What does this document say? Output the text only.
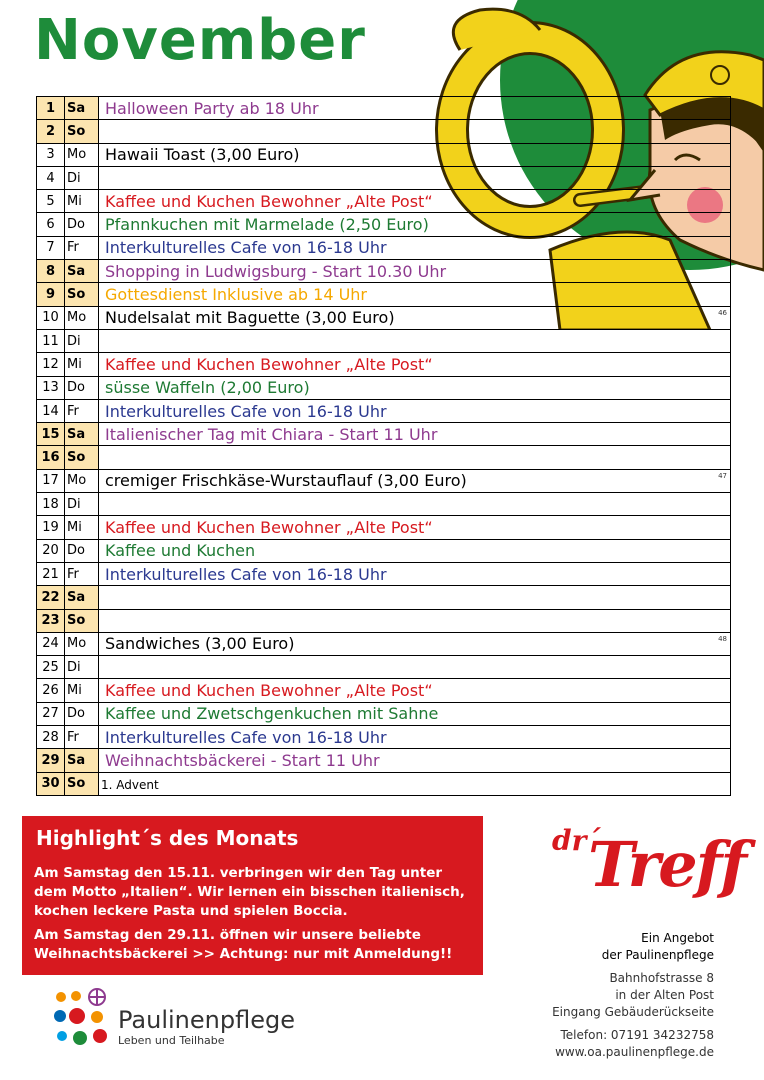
November
1	Sa	Halloween Party ab 18 Uhr
2	So	
3	Mo	Hawaii Toast (3,00 Euro)
4	Di	
5	Mi	Kaffee und Kuchen Bewohner „Alte Post“
6	Do	Pfannkuchen mit Marmelade (2,50 Euro)
7	Fr	Interkulturelles Cafe von 16-18 Uhr
8	Sa	Shopping in Ludwigsburg - Start 10.30 Uhr
9	So	Gottesdienst Inklusive ab 14 Uhr
10	Mo	Nudelsalat mit Baguette (3,00 Euro) 46

11	Di	
12	Mi	Kaffee und Kuchen Bewohner „Alte Post“
13	Do	süsse Waffeln (2,00 Euro)
14	Fr	Interkulturelles Cafe von 16-18 Uhr
15	Sa	Italienischer Tag mit Chiara - Start 11 Uhr
16	So	
17	Mo	cremiger Frischkäse-Wurstauflauf (3,00 Euro) 47

18	Di	
19	Mi	Kaffee und Kuchen Bewohner „Alte Post“
20	Do	Kaffee und Kuchen
21	Fr	Interkulturelles Cafe von 16-18 Uhr
22	Sa	
23	So	
24	Mo	Sandwiches (3,00 Euro) 48

25	Di	
26	Mi	Kaffee und Kuchen Bewohner „Alte Post“
27	Do	Kaffee und Zwetschgenkuchen mit Sahne
28	Fr	Interkulturelles Cafe von 16-18 Uhr
29	Sa	Weihnachtsbäckerei - Start 11 Uhr
30	So	1. Advent
Highlight´s des Monats

Am Samstag den 15.11. verbringen wir den Tag unter dem Motto „Italien“. Wir lernen ein bisschen italienisch, kochen leckere Pasta und spielen Boccia.

Am Samstag den 29.11. öffnen wir unsere beliebte Weihnachtsbäckerei >> Achtung: nur mit Anmeldung!!

dr´
Treff
Ein Angebot
der Paulinenpflege
Bahnhofstrasse 8
in der Alten Post
Eingang Gebäuderückseite
Telefon: 07191 34232758
www.oa.paulinenpflege.de
Paulinenpflege
Leben und Teilhabe
